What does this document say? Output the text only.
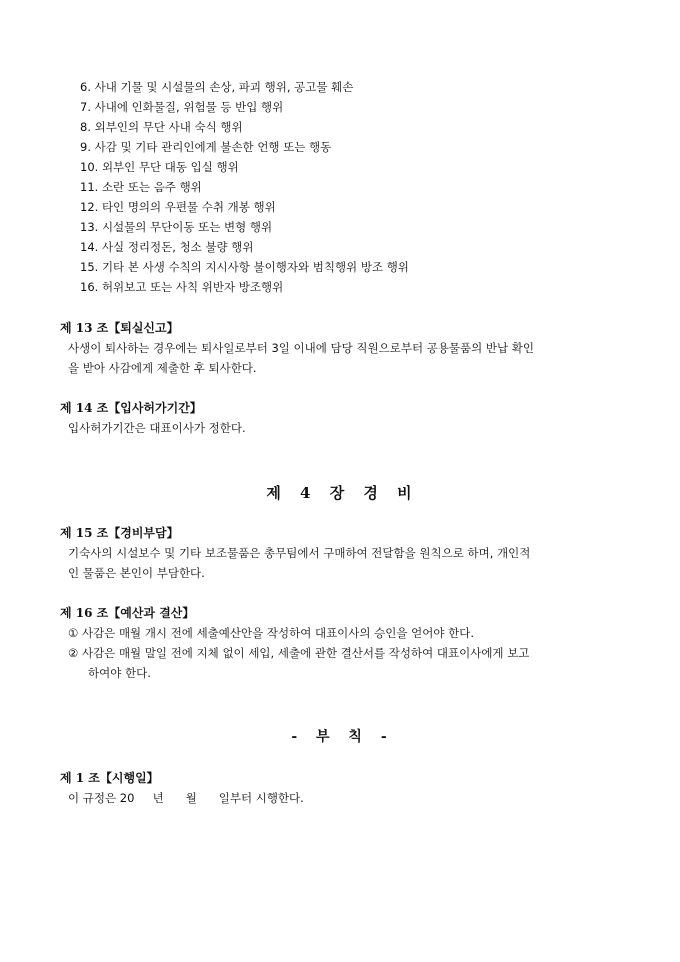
6. 사내 기물 및 시설물의 손상, 파괴 행위, 공고물 훼손
7. 사내에 인화물질, 위험물 등 반입 행위
8. 외부인의 무단 사내 숙식 행위
9. 사감 및 기타 관리인에게 불손한 언행 또는 행동
10. 외부인 무단 대동 입실 행위
11. 소란 또는 음주 행위
12. 타인 명의의 우편물 수취 개봉 행위
13. 시설물의 무단이동 또는 변형 행위
14. 사실 정리정돈, 청소 불량 행위
15. 기타 본 사생 수칙의 지시사항 불이행자와 범칙행위 방조 행위
16. 허위보고 또는 사칙 위반자 방조행위
제 13 조【퇴실신고】
사생이 퇴사하는 경우에는 퇴사일로부터 3일 이내에 담당 직원으로부터 공용물품의 반납 확인
을 받아 사감에게 제출한 후 퇴사한다.
제 14 조【입사허가기간】
입사허가기간은 대표이사가 정한다.
제 4 장 경 비
제 15 조【경비부담】
기숙사의 시설보수 및 기타 보조물품은 총무팀에서 구매하여 전달함을 원칙으로 하며, 개인적
인 물품은 본인이 부담한다.
제 16 조【예산과 결산】
① 사감은 매월 개시 전에 세출예산안을 작성하여 대표이사의 승인을 얻어야 한다.
② 사감은 매월 말일 전에 지체 없이 세입, 세출에 관한 결산서를 작성하여 대표이사에게 보고
하여야 한다.
- 부 칙 -
제 1 조【시행일】
이 규정은 20     년      월      일부터 시행한다.
